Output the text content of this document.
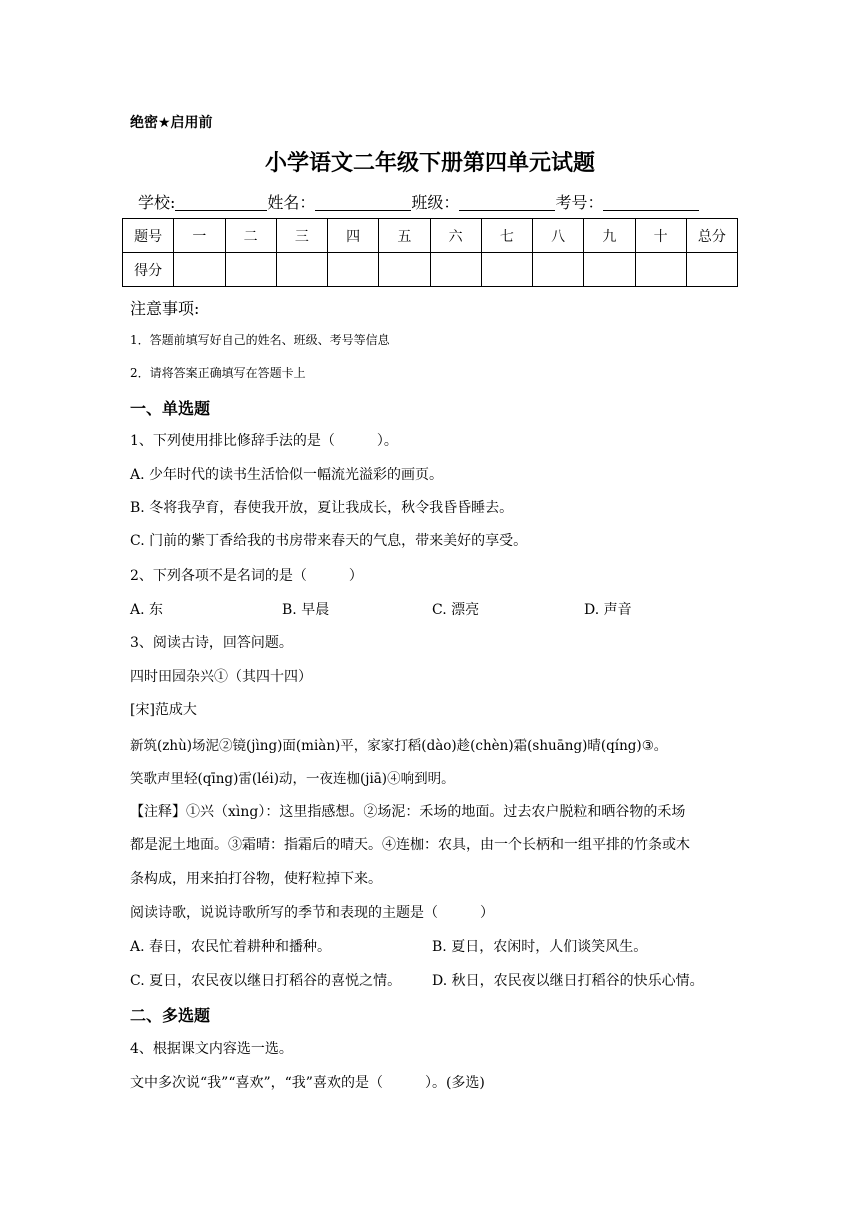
绝密★启用前
小学语文二年级下册第四单元试题
学校:	姓名：	班级：	考号：
题号	一	二	三	四	五	六	七	八	九	十	总分
得分											
注意事项:
1．答题前填写好自己的姓名、班级、考号等信息
2．请将答案正确填写在答题卡上
一、单选题
1、下列使用排比修辞手法的是（　　　）。
A. 少年时代的读书生活恰似一幅流光溢彩的画页。
B. 冬将我孕育，春使我开放，夏让我成长，秋令我昏昏睡去。
C. 门前的紫丁香给我的书房带来春天的气息，带来美好的享受。
2、下列各项不是名词的是（　　　）
A. 东	B. 早晨	C. 漂亮	D. 声音
3、阅读古诗，回答问题。
四时田园杂兴①（其四十四）
[宋]范成大
新筑(zhù)场泥②镜(jìng)面(miàn)平，家家打稻(dào)趁(chèn)霜(shuāng)晴(qíng)③。
笑歌声里轻(qīng)雷(léi)动，一夜连枷(jiā)④响到明。
【注释】①兴（xìng）：这里指感想。②场泥：禾场的地面。过去农户脱粒和晒谷物的禾场
都是泥土地面。③霜晴：指霜后的晴天。④连枷：农具，由一个长柄和一组平排的竹条或木
条构成，用来拍打谷物，使籽粒掉下来。
阅读诗歌，说说诗歌所写的季节和表现的主题是（　　　）
A. 春日，农民忙着耕种和播种。	B. 夏日，农闲时，人们谈笑风生。
C. 夏日，农民夜以继日打稻谷的喜悦之情。 D. 秋日，农民夜以继日打稻谷的快乐心情。
二、多选题
4、根据课文内容选一选。
文中多次说“我”“喜欢”，“我”喜欢的是（　　　）。(多选)
